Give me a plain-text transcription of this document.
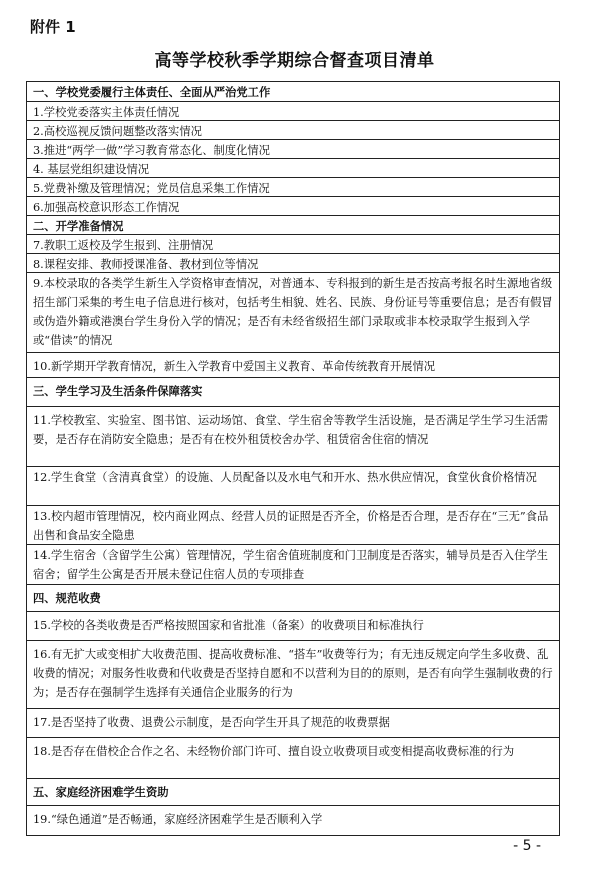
附件 1
高等学校秋季学期综合督查项目清单
一、学校党委履行主体责任、全面从严治党工作
1.学校党委落实主体责任情况
2.高校巡视反馈问题整改落实情况
3.推进“两学一做”学习教育常态化、制度化情况
4. 基层党组织建设情况
5.党费补缴及管理情况；党员信息采集工作情况
6.加强高校意识形态工作情况
二、开学准备情况
7.教职工返校及学生报到、注册情况
8.课程安排、教师授课准备、教材到位等情况
9.本校录取的各类学生新生入学资格审查情况，对普通本、专科报到的新生是否按高考报名时生源地省级招生部门采集的考生电子信息进行核对，包括考生相貌、姓名、民族、身份证号等重要信息；是否有假冒或伪造外籍或港澳台学生身份入学的情况；是否有未经省级招生部门录取或非本校录取学生报到入学或“借读”的情况
10.新学期开学教育情况，新生入学教育中爱国主义教育、革命传统教育开展情况
三、学生学习及生活条件保障落实
11.学校教室、实验室、图书馆、运动场馆、食堂、学生宿舍等教学生活设施，是否满足学生学习生活需要，是否存在消防安全隐患；是否有在校外租赁校舍办学、租赁宿舍住宿的情况
12.学生食堂（含清真食堂）的设施、人员配备以及水电气和开水、热水供应情况，食堂伙食价格情况
13.校内超市管理情况，校内商业网点、经营人员的证照是否齐全，价格是否合理，是否存在“三无”食品出售和食品安全隐患
14.学生宿舍（含留学生公寓）管理情况，学生宿舍值班制度和门卫制度是否落实，辅导员是否入住学生宿舍；留学生公寓是否开展未登记住宿人员的专项排查
四、规范收费
15.学校的各类收费是否严格按照国家和省批准（备案）的收费项目和标准执行
16.有无扩大或变相扩大收费范围、提高收费标准、“搭车”收费等行为；有无违反规定向学生多收费、乱收费的情况；对服务性收费和代收费是否坚持自愿和不以营利为目的的原则，是否有向学生强制收费的行为；是否存在强制学生选择有关通信企业服务的行为
17.是否坚持了收费、退费公示制度，是否向学生开具了规范的收费票据
18.是否存在借校企合作之名、未经物价部门许可、擅自设立收费项目或变相提高收费标准的行为
五、家庭经济困难学生资助
19.“绿色通道”是否畅通，家庭经济困难学生是否顺利入学
- 5 -
